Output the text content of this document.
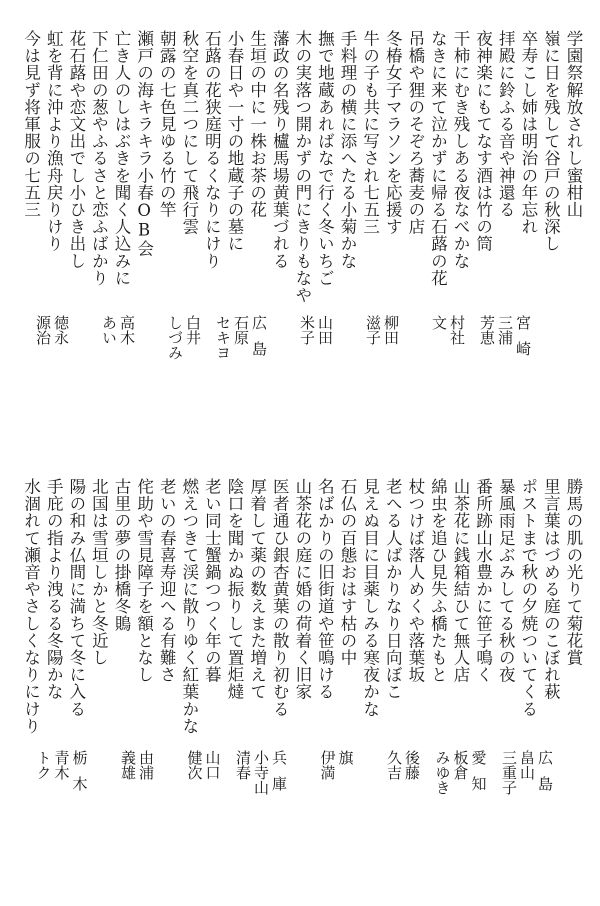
学園祭解放されし蜜柑山
嶺に日を残して谷戸の秋深し
卒寿こし姉は明治の年忘れ
拝殿に鈴ふる音や神還る
夜神楽にもてなす酒は竹の筒
干柿にむき残しある夜なべかな
なきに来て泣かずに帰る石蕗の花
吊橋や狸のそぞろ蕎麦の店
冬椿女子マラソンを応援す
牛の子も共に写され七五三
手料理の横に添へたる小菊かな
撫で地蔵あればなで行く冬いちご
木の実落つ開かずの門にきりもなや
藩政の名残り櫨馬場黄葉づれる
生垣の中に一株お茶の花
小春日や一寸の地蔵子の墓に
石蕗の花狭庭明るくなりにけり
秋空を真二つにして飛行雲
朝露の七色見ゆる竹の竿
瀬戸の海キラキラ小春OB会
亡き人のしはぶきを聞く人込みに
下仁田の葱やふるさと恋ふばかり
花石蕗や恋文出でし小ひき出し
虹を背に沖より漁舟戻りけり
今は見ず将軍服の七五三
宮崎
三浦
芳恵
村社
文
柳田
滋子
山田
米子
広島
石原
セキヨ
白井
しづみ
高木
あい
徳永
源治
勝馬の肌の光りて菊花賞
里言葉はづめる庭のこぼれ萩
ポストまで秋の夕焼ついてくる
暴風雨足ぶみしてる秋の夜
番所跡山水豊かに笹子鳴く
山茶花に銭箱結ひて無人店
綿虫を追ひ見失ふ橋たもと
杖つけば落人めくや落葉坂
老へる人ばかりなり日向ぼこ
見えぬ目に目薬しみる寒夜かな
石仏の百態おはす枯の中
名ばかりの旧街道や笹鳴ける
山茶花の庭に婚の荷着く旧家
医者通ひ銀杏黄葉の散り初むる
厚着して薬の数えまた増えて
陰口を聞かぬ振りして置炬燵
老い同士蟹鍋つつく年の暮
燃えつきて渓に散りゆく紅葉かな
老いの春喜寿迎へる有難さ
侘助や雪見障子を額となし
古里の夢の掛橋冬鵙
北国は雪垣しかと冬近し
陽の和み仏間に満ちて冬に入る
手庇の指より洩るる冬陽かな
水涸れて瀬音やさしくなりにけり
広島
畠山
三重子
愛知
板倉
みゆき
後藤
久吉
旗
伊満
兵庫
小寺山
清春
山口
健次
由浦
義雄
栃木
青木
トク
